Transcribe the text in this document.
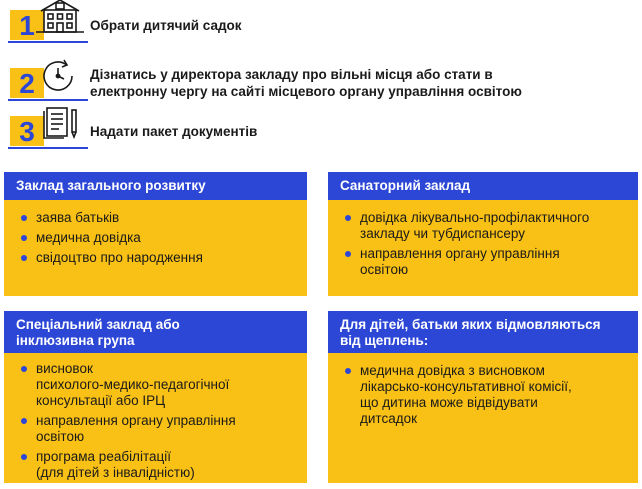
1	Обрати дитячий садок
2	Дізнатись у директора закладу про вільні місця або стати в
електронну чергу на сайті місцевого органу управління освітою
3	Надати пакет документів
Заклад загального розвитку
заява батьків
медична довідка
свідоцтво про народження
Санаторний заклад
довідка лікувально-профілактичного
закладу чи тубдиспансеру
направлення органу управління
освітою
Спеціальний заклад або
інклюзивна група
висновок
психолого-медико-педагогічної
консультації або ІРЦ
направлення органу управління
освітою
програма реабілітації
(для дітей з інвалідністю)
Для дітей, батьки яких відмовляються
від щеплень:
медична довідка з висновком
лікарсько-консультативної комісії,
що дитина може відвідувати
дитсадок
